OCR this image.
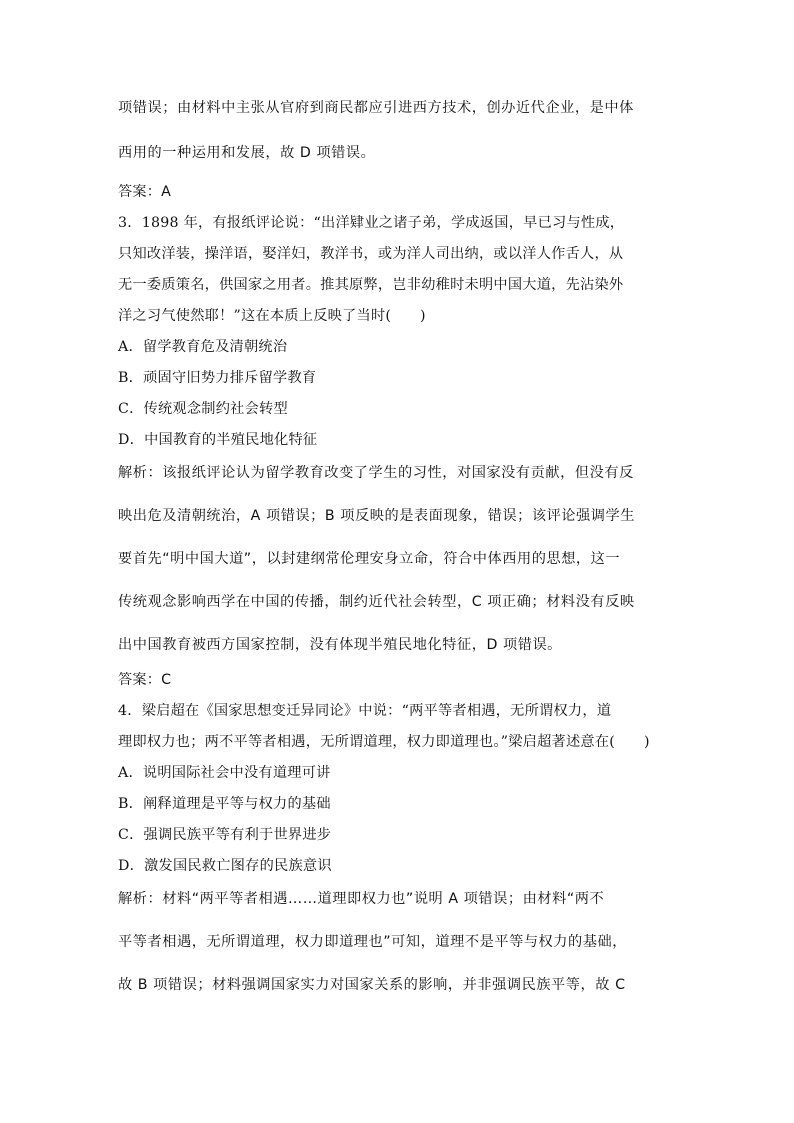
项错误；由材料中主张从官府到商民都应引进西方技术，创办近代企业，是中体
西用的一种运用和发展，故 D 项错误。
答案：A
3．1898 年，有报纸评论说：“出洋肄业之诸子弟，学成返国，早已习与性成，
只知改洋装，操洋语，娶洋妇，教洋书，或为洋人司出纳，或以洋人作舌人，从
无一委质策名，供国家之用者。推其原弊，岂非幼稚时未明中国大道，先沾染外
洋之习气使然耶！”这在本质上反映了当时(　　)
A．留学教育危及清朝统治
B．顽固守旧势力排斥留学教育
C．传统观念制约社会转型
D．中国教育的半殖民地化特征
解析：该报纸评论认为留学教育改变了学生的习性，对国家没有贡献，但没有反
映出危及清朝统治，A 项错误；B 项反映的是表面现象，错误；该评论强调学生
要首先“明中国大道”，以封建纲常伦理安身立命，符合中体西用的思想，这一
传统观念影响西学在中国的传播，制约近代社会转型，C 项正确；材料没有反映
出中国教育被西方国家控制，没有体现半殖民地化特征，D 项错误。
答案：C
4．梁启超在《国家思想变迁异同论》中说：“两平等者相遇，无所谓权力，道
理即权力也；两不平等者相遇，无所谓道理，权力即道理也。”梁启超著述意在(　　)
A．说明国际社会中没有道理可讲
B．阐释道理是平等与权力的基础
C．强调民族平等有利于世界进步
D．激发国民救亡图存的民族意识
解析：材料“两平等者相遇……道理即权力也”说明 A 项错误；由材料“两不
平等者相遇，无所谓道理，权力即道理也”可知，道理不是平等与权力的基础，
故 B 项错误；材料强调国家实力对国家关系的影响，并非强调民族平等，故 C
